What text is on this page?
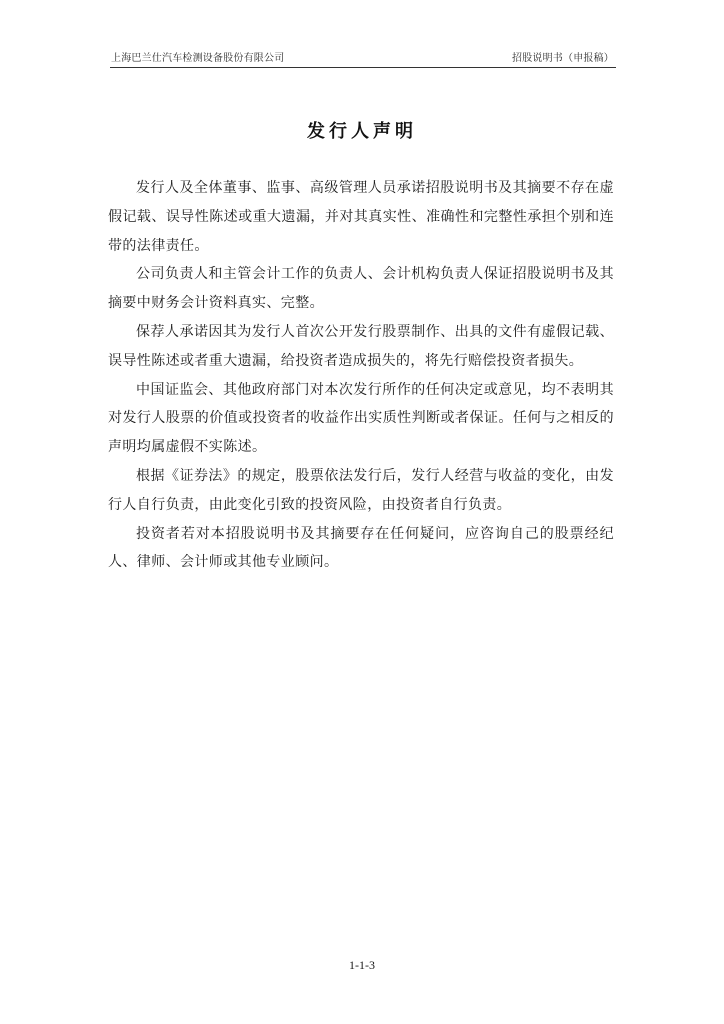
上海巴兰仕汽车检测设备股份有限公司	招股说明书（申报稿）
发行人声明

发行人及全体董事、监事、高级管理人员承诺招股说明书及其摘要不存在虚假记载、误导性陈述或重大遗漏，并对其真实性、准确性和完整性承担个别和连带的法律责任。

公司负责人和主管会计工作的负责人、会计机构负责人保证招股说明书及其摘要中财务会计资料真实、完整。

保荐人承诺因其为发行人首次公开发行股票制作、出具的文件有虚假记载、 误导性陈述或者重大遗漏，给投资者造成损失的，将先行赔偿投资者损失。

中国证监会、其他政府部门对本次发行所作的任何决定或意见，均不表明其对发行人股票的价值或投资者的收益作出实质性判断或者保证。任何与之相反的声明均属虚假不实陈述。

根据《证券法》的规定，股票依法发行后，发行人经营与收益的变化，由发行人自行负责，由此变化引致的投资风险，由投资者自行负责。

投资者若对本招股说明书及其摘要存在任何疑问，应咨询自己的股票经纪人、律师、会计师或其他专业顾问。

1-1-3
